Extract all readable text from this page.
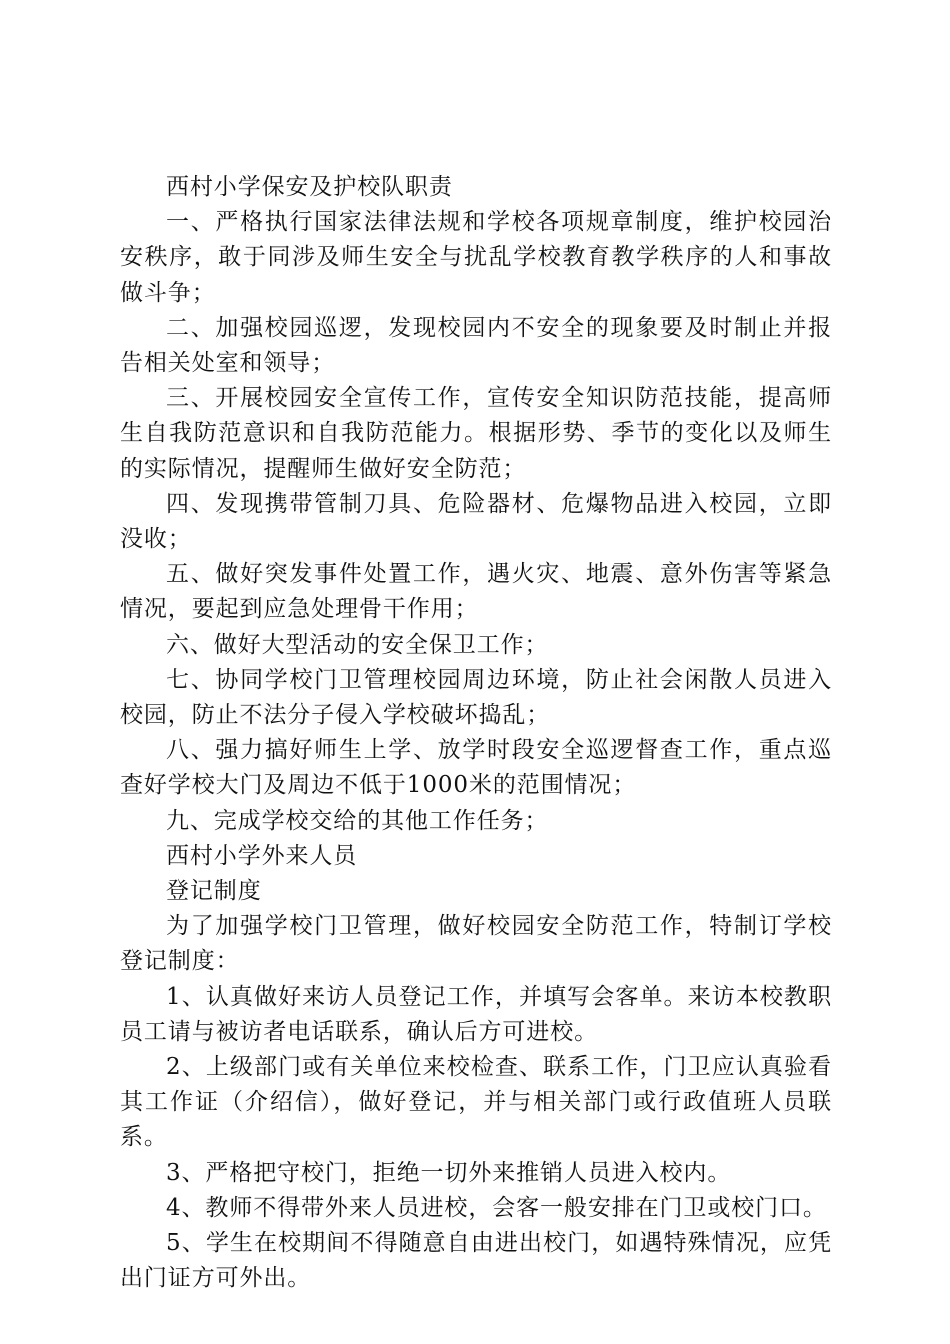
西村小学保安及护校队职责

一、严格执行国家法律法规和学校各项规章制度，维护校园治安秩序，敢于同涉及师生安全与扰乱学校教育教学秩序的人和事故做斗争；

二、加强校园巡逻，发现校园内不安全的现象要及时制止并报告相关处室和领导；

三、开展校园安全宣传工作，宣传安全知识防范技能，提高师生自我防范意识和自我防范能力。根据形势、季节的变化以及师生的实际情况，提醒师生做好安全防范；

四、发现携带管制刀具、危险器材、危爆物品进入校园，立即没收；

五、做好突发事件处置工作，遇火灾、地震、意外伤害等紧急情况，要起到应急处理骨干作用；

六、做好大型活动的安全保卫工作；

七、协同学校门卫管理校园周边环境，防止社会闲散人员进入校园，防止不法分子侵入学校破坏捣乱；

八、强力搞好师生上学、放学时段安全巡逻督查工作，重点巡查好学校大门及周边不低于1000米的范围情况；

九、完成学校交给的其他工作任务；

西村小学外来人员

登记制度

为了加强学校门卫管理，做好校园安全防范工作，特制订学校登记制度：

1、认真做好来访人员登记工作，并填写会客单。来访本校教职员工请与被访者电话联系，确认后方可进校。

2、上级部门或有关单位来校检查、联系工作，门卫应认真验看其工作证（介绍信），做好登记，并与相关部门或行政值班人员联系。

3、严格把守校门，拒绝一切外来推销人员进入校内。

4、教师不得带外来人员进校，会客一般安排在门卫或校门口。

5、学生在校期间不得随意自由进出校门，如遇特殊情况，应凭出门证方可外出。
